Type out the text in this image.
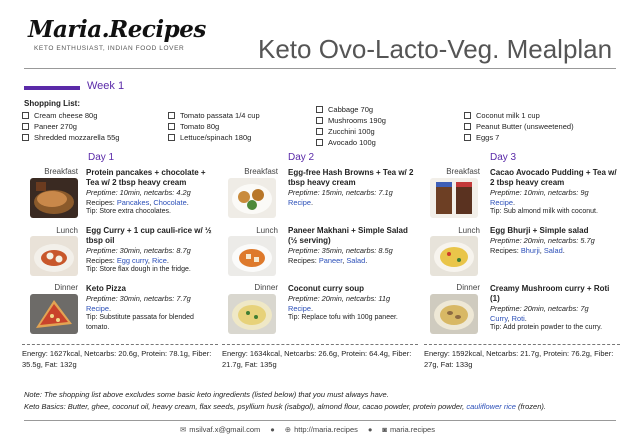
Maria.Recipes
KETO ENTHUSIAST, INDIAN FOOD LOVER	Keto Ovo-Lacto-Veg. Mealplan
Week 1
Shopping List:
Cream cheese 80g
Paneer 270g
Shredded mozzarella 55g
Tomato passata 1/4 cup
Tomato 80g
Lettuce/spinach 180g
Cabbage 70g
Mushrooms 190g
Zucchini 100g
Avocado 100g
Coconut milk 1 cup
Peanut Butter (unsweetened)
Eggs 7
Day 1
Breakfast Protein pancakes + chocolate + Tea w/ 2 tbsp heavy cream
Preptime: 10min, netcarbs: 4.2g
Recipes: Pancakes, Chocolate.
Tip: Store extra chocolates.
Lunch Egg Curry + 1 cup cauli-rice w/ ½ tbsp oil
Preptime: 30min, netcarbs: 8.7g
Recipes: Egg curry, Rice.
Tip: Store flax dough in the fridge.
Dinner Keto Pizza
Preptime: 30min, netcarbs: 7.7g
Recipe.
Tip: Substitute passata for blended tomato.
Energy: 1627kcal, Netcarbs: 20.6g, Protein: 78.1g, Fiber: 35.5g, Fat: 132g
Day 2
Breakfast Egg-free Hash Browns + Tea w/ 2 tbsp heavy cream
Preptime: 15min, netcarbs: 7.1g
Recipe.
Lunch Paneer Makhani + Simple Salad (½ serving)
Preptime: 35min, netcarbs: 8.5g
Recipes: Paneer, Salad.
Dinner Coconut curry soup
Preptime: 20min, netcarbs: 11g
Recipe.
Tip: Replace tofu with 100g paneer.
Energy: 1634kcal, Netcarbs: 26.6g, Protein: 64.4g, Fiber: 21.7g, Fat: 135g
Day 3
Breakfast Cacao Avocado Pudding + Tea w/ 2 tbsp heavy cream
Preptime: 10min, netcarbs: 9g
Recipe.
Tip: Sub almond milk with coconut.
Lunch Egg Bhurji + Simple salad
Preptime: 20min, netcarbs: 5.7g
Recipes: Bhurji, Salad.
Dinner Creamy Mushroom curry + Roti (1)
Preptime: 20min, netcarbs: 7g
Curry, Roti.
Tip: Add protein powder to the curry.
Energy: 1592kcal, Netcarbs: 21.7g, Protein: 76.2g, Fiber: 27g, Fat: 133g
Note: The shopping list above excludes some basic keto ingredients (listed below) that you must always have.
Keto Basics: Butter, ghee, coconut oil, heavy cream, flax seeds, psyllium husk (isabgol), almond flour, cacao powder, protein powder, cauliflower rice (frozen).
✉ msilvaf.x@gmail.com ● ⊕ http://maria.recipes ● ◙ maria.recipes
